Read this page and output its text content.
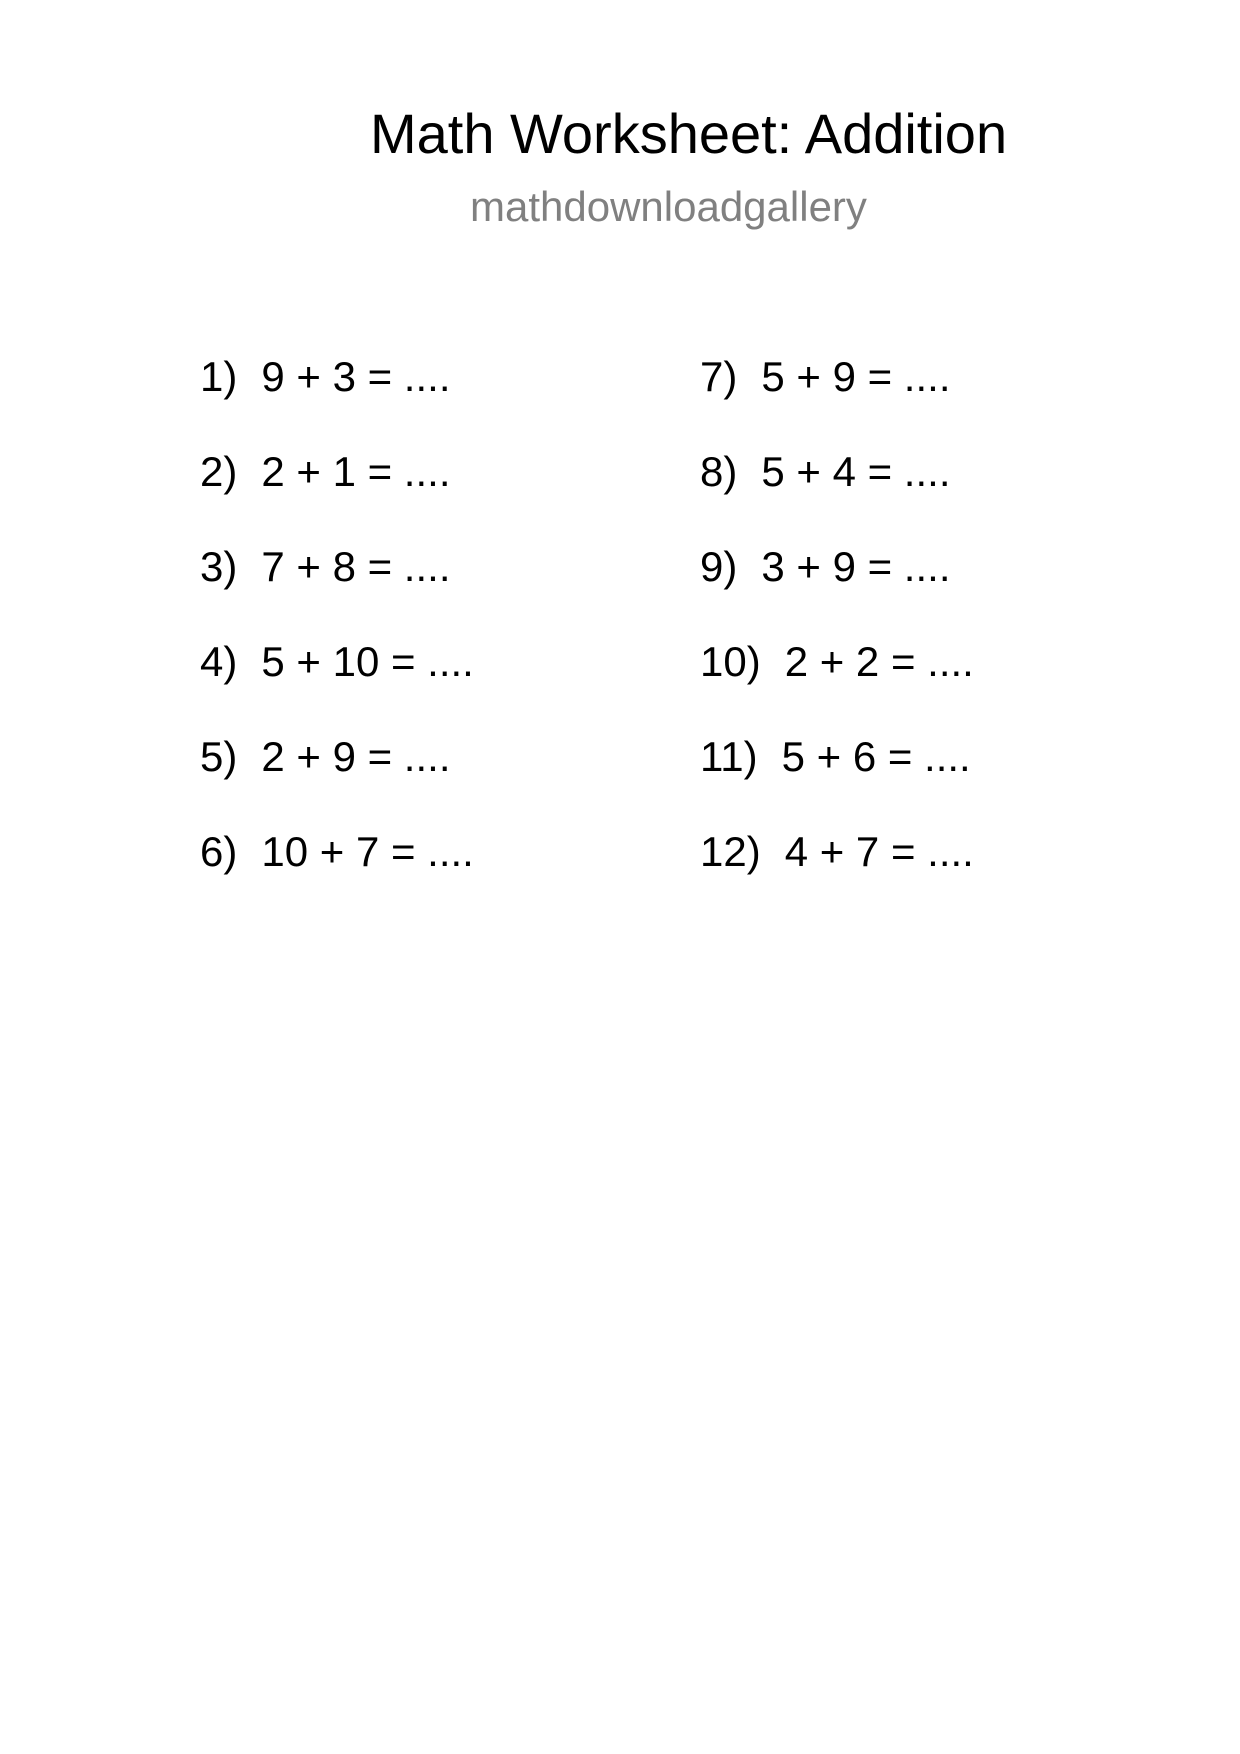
Math Worksheet: Addition
mathdownloadgallery
1) 9 + 3 = ....
2) 2 + 1 = ....
3) 7 + 8 = ....
4) 5 + 10 = ....
5) 2 + 9 = ....
6) 10 + 7 = ....
7) 5 + 9 = ....
8) 5 + 4 = ....
9) 3 + 9 = ....
10) 2 + 2 = ....
11) 5 + 6 = ....
12) 4 + 7 = ....
